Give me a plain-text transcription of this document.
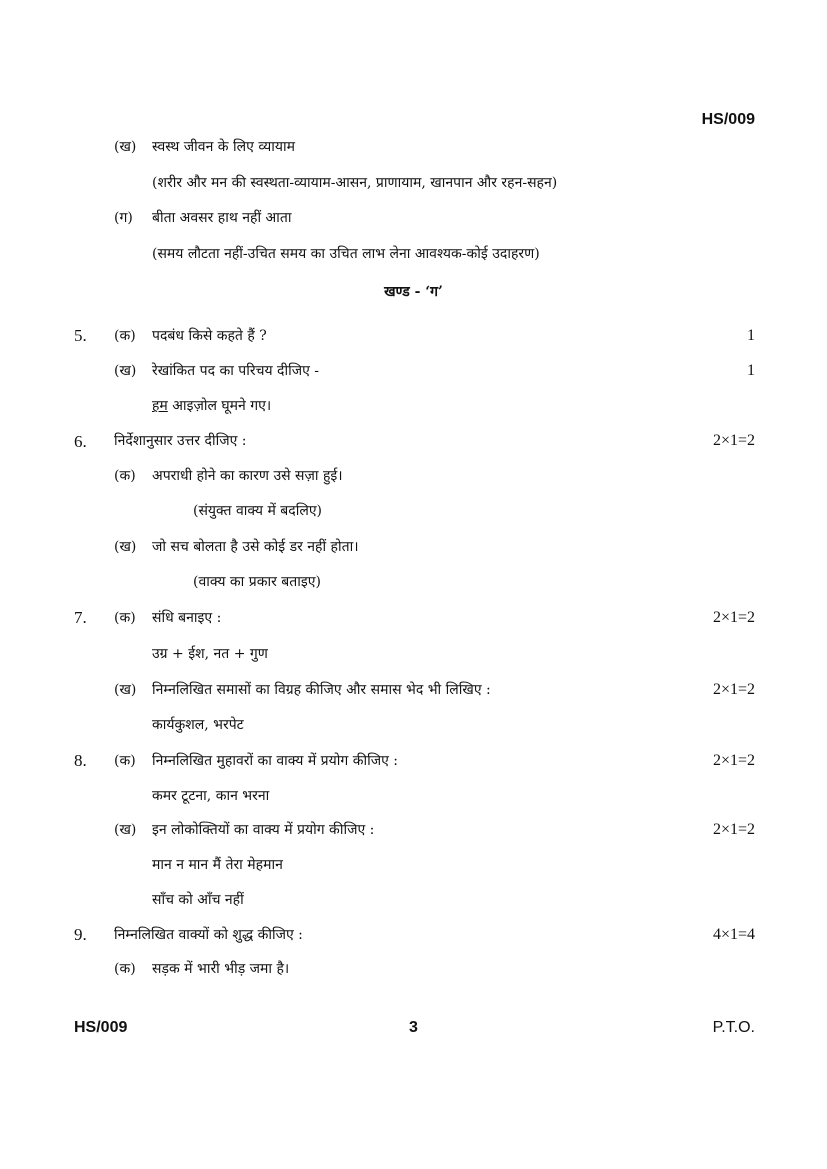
HS/009
(ख) स्वस्थ जीवन के लिए व्यायाम
(शरीर और मन की स्वस्थता-व्यायाम-आसन, प्राणायाम, खानपान और रहन-सहन)
(ग) बीता अवसर हाथ नहीं आता
(समय लौटता नहीं-उचित समय का उचित लाभ लेना आवश्यक-कोई उदाहरण)
खण्ड - ‘ग’
5. (क) पदबंध किसे कहते हैं ?	1
(ख) रेखांकित पद का परिचय दीजिए -	1
हम आइज़ोल घूमने गए।
6. निर्देशानुसार उत्तर दीजिए :	2×1=2
(क) अपराधी होने का कारण उसे सज़ा हुई।
(संयुक्त वाक्य में बदलिए)
(ख) जो सच बोलता है उसे कोई डर नहीं होता।
(वाक्य का प्रकार बताइए)
7. (क) संधि बनाइए :	2×1=2
उग्र + ईश, नत + गुण
(ख) निम्नलिखित समासों का विग्रह कीजिए और समास भेद भी लिखिए :	2×1=2
कार्यकुशल, भरपेट
8. (क) निम्नलिखित मुहावरों का वाक्य में प्रयोग कीजिए :	2×1=2
कमर टूटना, कान भरना
(ख) इन लोकोक्तियों का वाक्य में प्रयोग कीजिए :	2×1=2
मान न मान मैं तेरा मेहमान
साँच को आँच नहीं
9. निम्नलिखित वाक्यों को शुद्ध कीजिए :	4×1=4
(क) सड़क में भारी भीड़ जमा है।
HS/009	3	P.T.O.
